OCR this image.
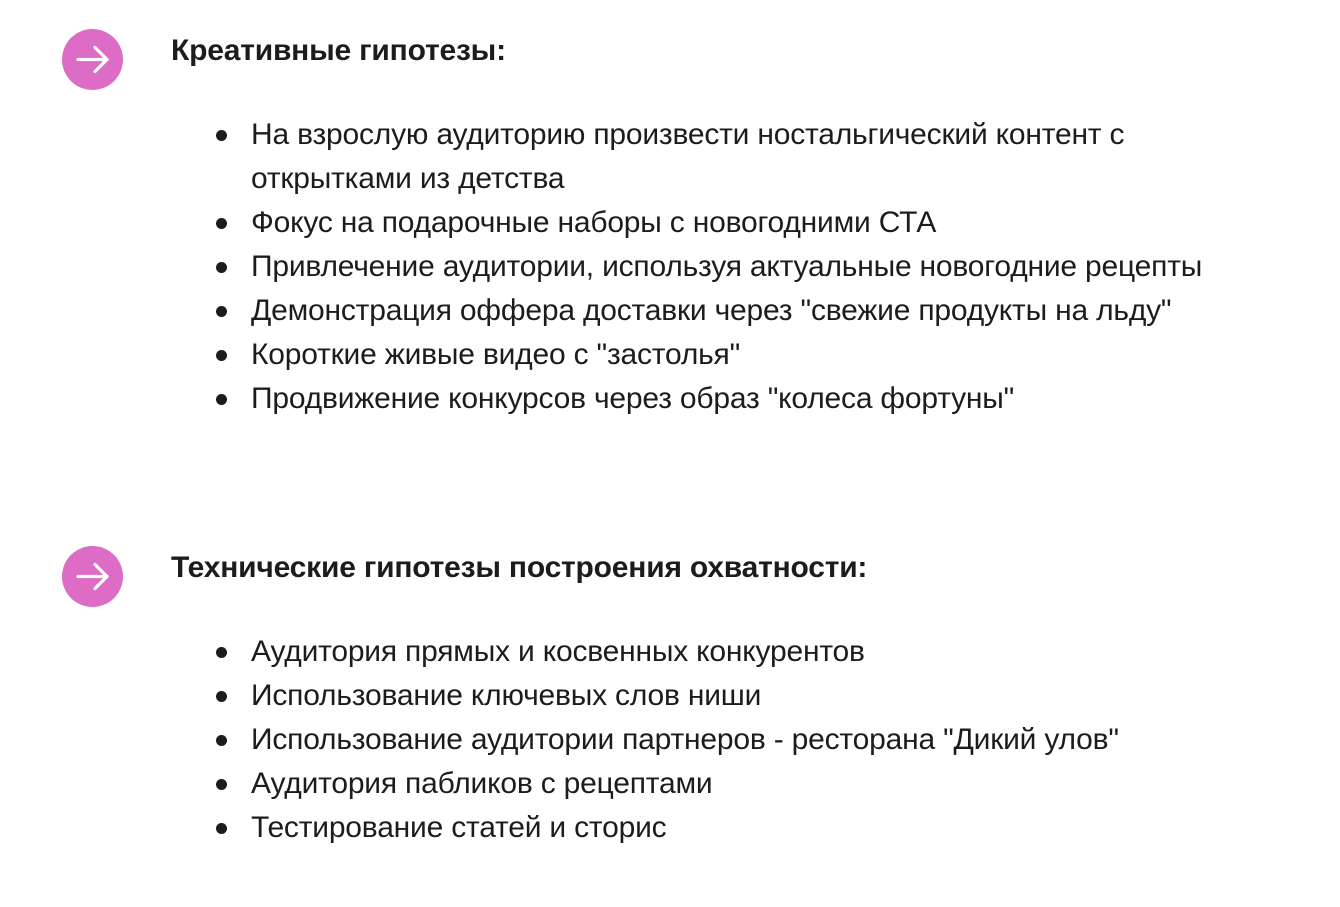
Креативные гипотезы:
На взрослую аудиторию произвести ностальгический контент с открытками из детства
Фокус на подарочные наборы с новогодними СТА
Привлечение аудитории, используя актуальные новогодние рецепты
Демонстрация оффера доставки через "свежие продукты на льду"
Короткие живые видео с "застолья"
Продвижение конкурсов через образ "колеса фортуны"
Технические гипотезы построения охватности:
Аудитория прямых и косвенных конкурентов
Использование ключевых слов ниши
Использование аудитории партнеров - ресторана "Дикий улов"
Аудитория пабликов с рецептами
Тестирование статей и сторис
